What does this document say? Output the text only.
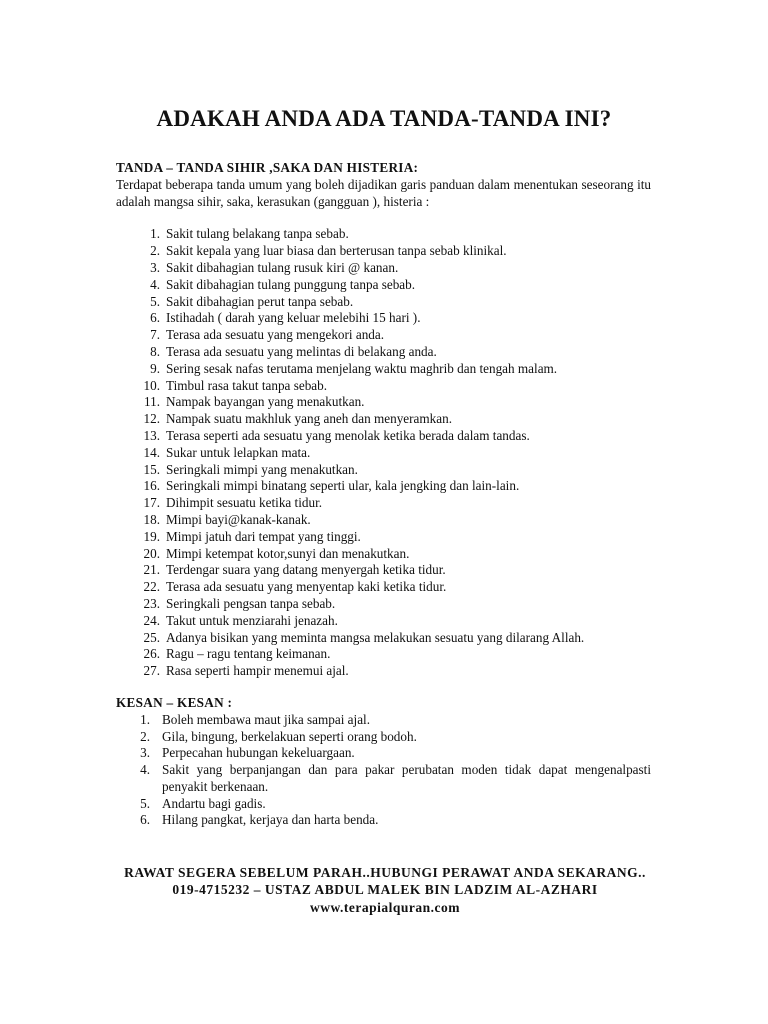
ADAKAH ANDA ADA TANDA-TANDA INI?

TANDA – TANDA SIHIR ,SAKA DAN HISTERIA:

Terdapat beberapa tanda umum yang boleh dijadikan garis panduan dalam menentukan seseorang itu adalah mangsa sihir, saka, kerasukan (gangguan ), histeria :

1. Sakit tulang belakang tanpa sebab.
2. Sakit kepala yang luar biasa dan berterusan tanpa sebab klinikal.
3. Sakit dibahagian tulang rusuk kiri @ kanan.
4. Sakit dibahagian tulang punggung tanpa sebab.
5. Sakit dibahagian perut tanpa sebab.
6. Istihadah ( darah yang keluar melebihi 15 hari ).
7. Terasa ada sesuatu yang mengekori anda.
8. Terasa ada sesuatu yang melintas di belakang anda.
9. Sering sesak nafas terutama menjelang waktu maghrib dan tengah malam.
10. Timbul rasa takut tanpa sebab.
11. Nampak bayangan yang menakutkan.
12. Nampak suatu makhluk yang aneh dan menyeramkan.
13. Terasa seperti ada sesuatu yang menolak ketika berada dalam tandas.
14. Sukar untuk lelapkan mata.
15. Seringkali mimpi yang menakutkan.
16. Seringkali mimpi binatang seperti ular, kala jengking dan lain-lain.
17. Dihimpit sesuatu ketika tidur.
18. Mimpi bayi@kanak-kanak.
19. Mimpi jatuh dari tempat yang tinggi.
20. Mimpi ketempat kotor,sunyi dan menakutkan.
21. Terdengar suara yang datang menyergah ketika tidur.
22. Terasa ada sesuatu yang menyentap kaki ketika tidur.
23. Seringkali pengsan tanpa sebab.
24. Takut untuk menziarahi jenazah.
25. Adanya bisikan yang meminta mangsa melakukan sesuatu yang dilarang Allah.
26. Ragu – ragu tentang keimanan.
27. Rasa seperti hampir menemui ajal.

KESAN – KESAN :

1. Boleh membawa maut jika sampai ajal.
2. Gila, bingung, berkelakuan seperti orang bodoh.
3. Perpecahan hubungan kekeluargaan.
4. Sakit yang berpanjangan dan para pakar perubatan moden tidak dapat mengenalpasti penyakit berkenaan.
5. Andartu bagi gadis.
6. Hilang pangkat, kerjaya dan harta benda.
RAWAT SEGERA SEBELUM PARAH..HUBUNGI PERAWAT ANDA SEKARANG..
019-4715232 – USTAZ ABDUL MALEK BIN LADZIM AL-AZHARI
www.terapialquran.com
